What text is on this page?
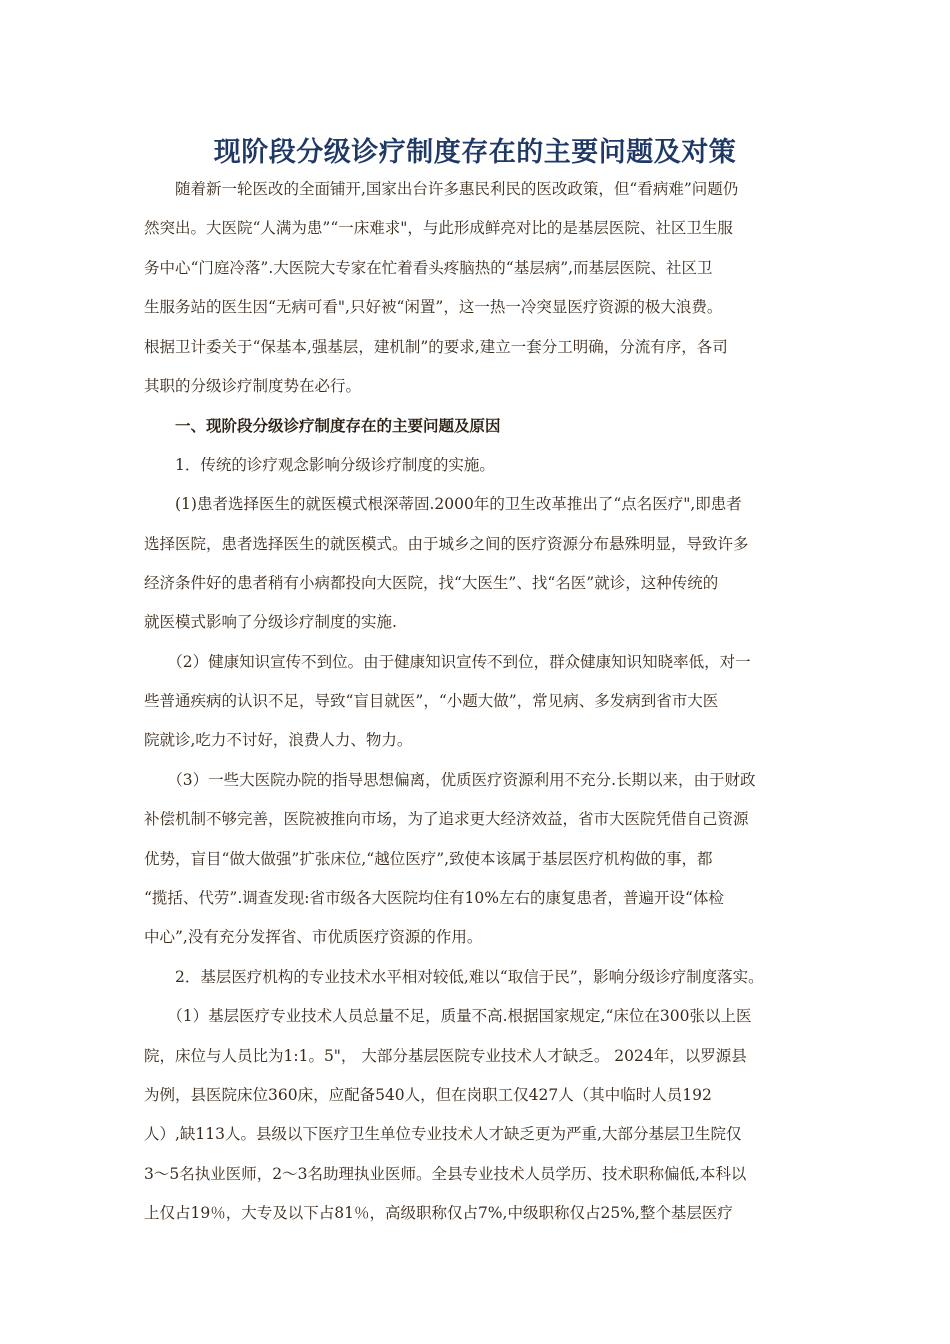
现阶段分级诊疗制度存在的主要问题及对策
　　随着新一轮医改的全面铺开,国家出台许多惠民利民的医改政策，但“看病难”问题仍
然突出。大医院“人满为患”“一床难求"，与此形成鲜亮对比的是基层医院、社区卫生服
务中心“门庭冷落”.大医院大专家在忙着看头疼脑热的“基层病”,而基层医院、社区卫
生服务站的医生因“无病可看",只好被“闲置”，这一热一冷突显医疗资源的极大浪费。
根据卫计委关于“保基本,强基层，建机制”的要求,建立一套分工明确，分流有序，各司
其职的分级诊疗制度势在必行。
　　一、现阶段分级诊疗制度存在的主要问题及原因
　　1．传统的诊疗观念影响分级诊疗制度的实施。
　　(1)患者选择医生的就医模式根深蒂固.2000年的卫生改革推出了“点名医疗",即患者
选择医院，患者选择医生的就医模式。由于城乡之间的医疗资源分布悬殊明显，导致许多
经济条件好的患者稍有小病都投向大医院，找“大医生”、找“名医”就诊，这种传统的
就医模式影响了分级诊疗制度的实施.
　　（2）健康知识宣传不到位。由于健康知识宣传不到位，群众健康知识知晓率低，对一
些普通疾病的认识不足，导致“盲目就医”，“小题大做”，常见病、多发病到省市大医
院就诊,吃力不讨好，浪费人力、物力。
　　（3）一些大医院办院的指导思想偏离，优质医疗资源利用不充分.长期以来，由于财政
补偿机制不够完善，医院被推向市场，为了追求更大经济效益，省市大医院凭借自己资源
优势，盲目“做大做强”扩张床位,“越位医疗”,致使本该属于基层医疗机构做的事，都
“揽括、代劳”.调查发现:省市级各大医院均住有10%左右的康复患者，普遍开设“体检
中心”,没有充分发挥省、市优质医疗资源的作用。
　　2．基层医疗机构的专业技术水平相对较低,难以“取信于民”，影响分级诊疗制度落实。
　　（1）基层医疗专业技术人员总量不足，质量不高.根据国家规定,“床位在300张以上医
院，床位与人员比为1:1。5"， 大部分基层医院专业技术人才缺乏。 2024年，以罗源县
为例，县医院床位360床，应配备540人，但在岗职工仅427人（其中临时人员192
人）,缺113人。县级以下医疗卫生单位专业技术人才缺乏更为严重,大部分基层卫生院仅
3～5名执业医师，2～3名助理执业医师。全县专业技术人员学历、技术职称偏低,本科以
上仅占19％，大专及以下占81％，高级职称仅占7%,中级职称仅占25%,整个基层医疗
